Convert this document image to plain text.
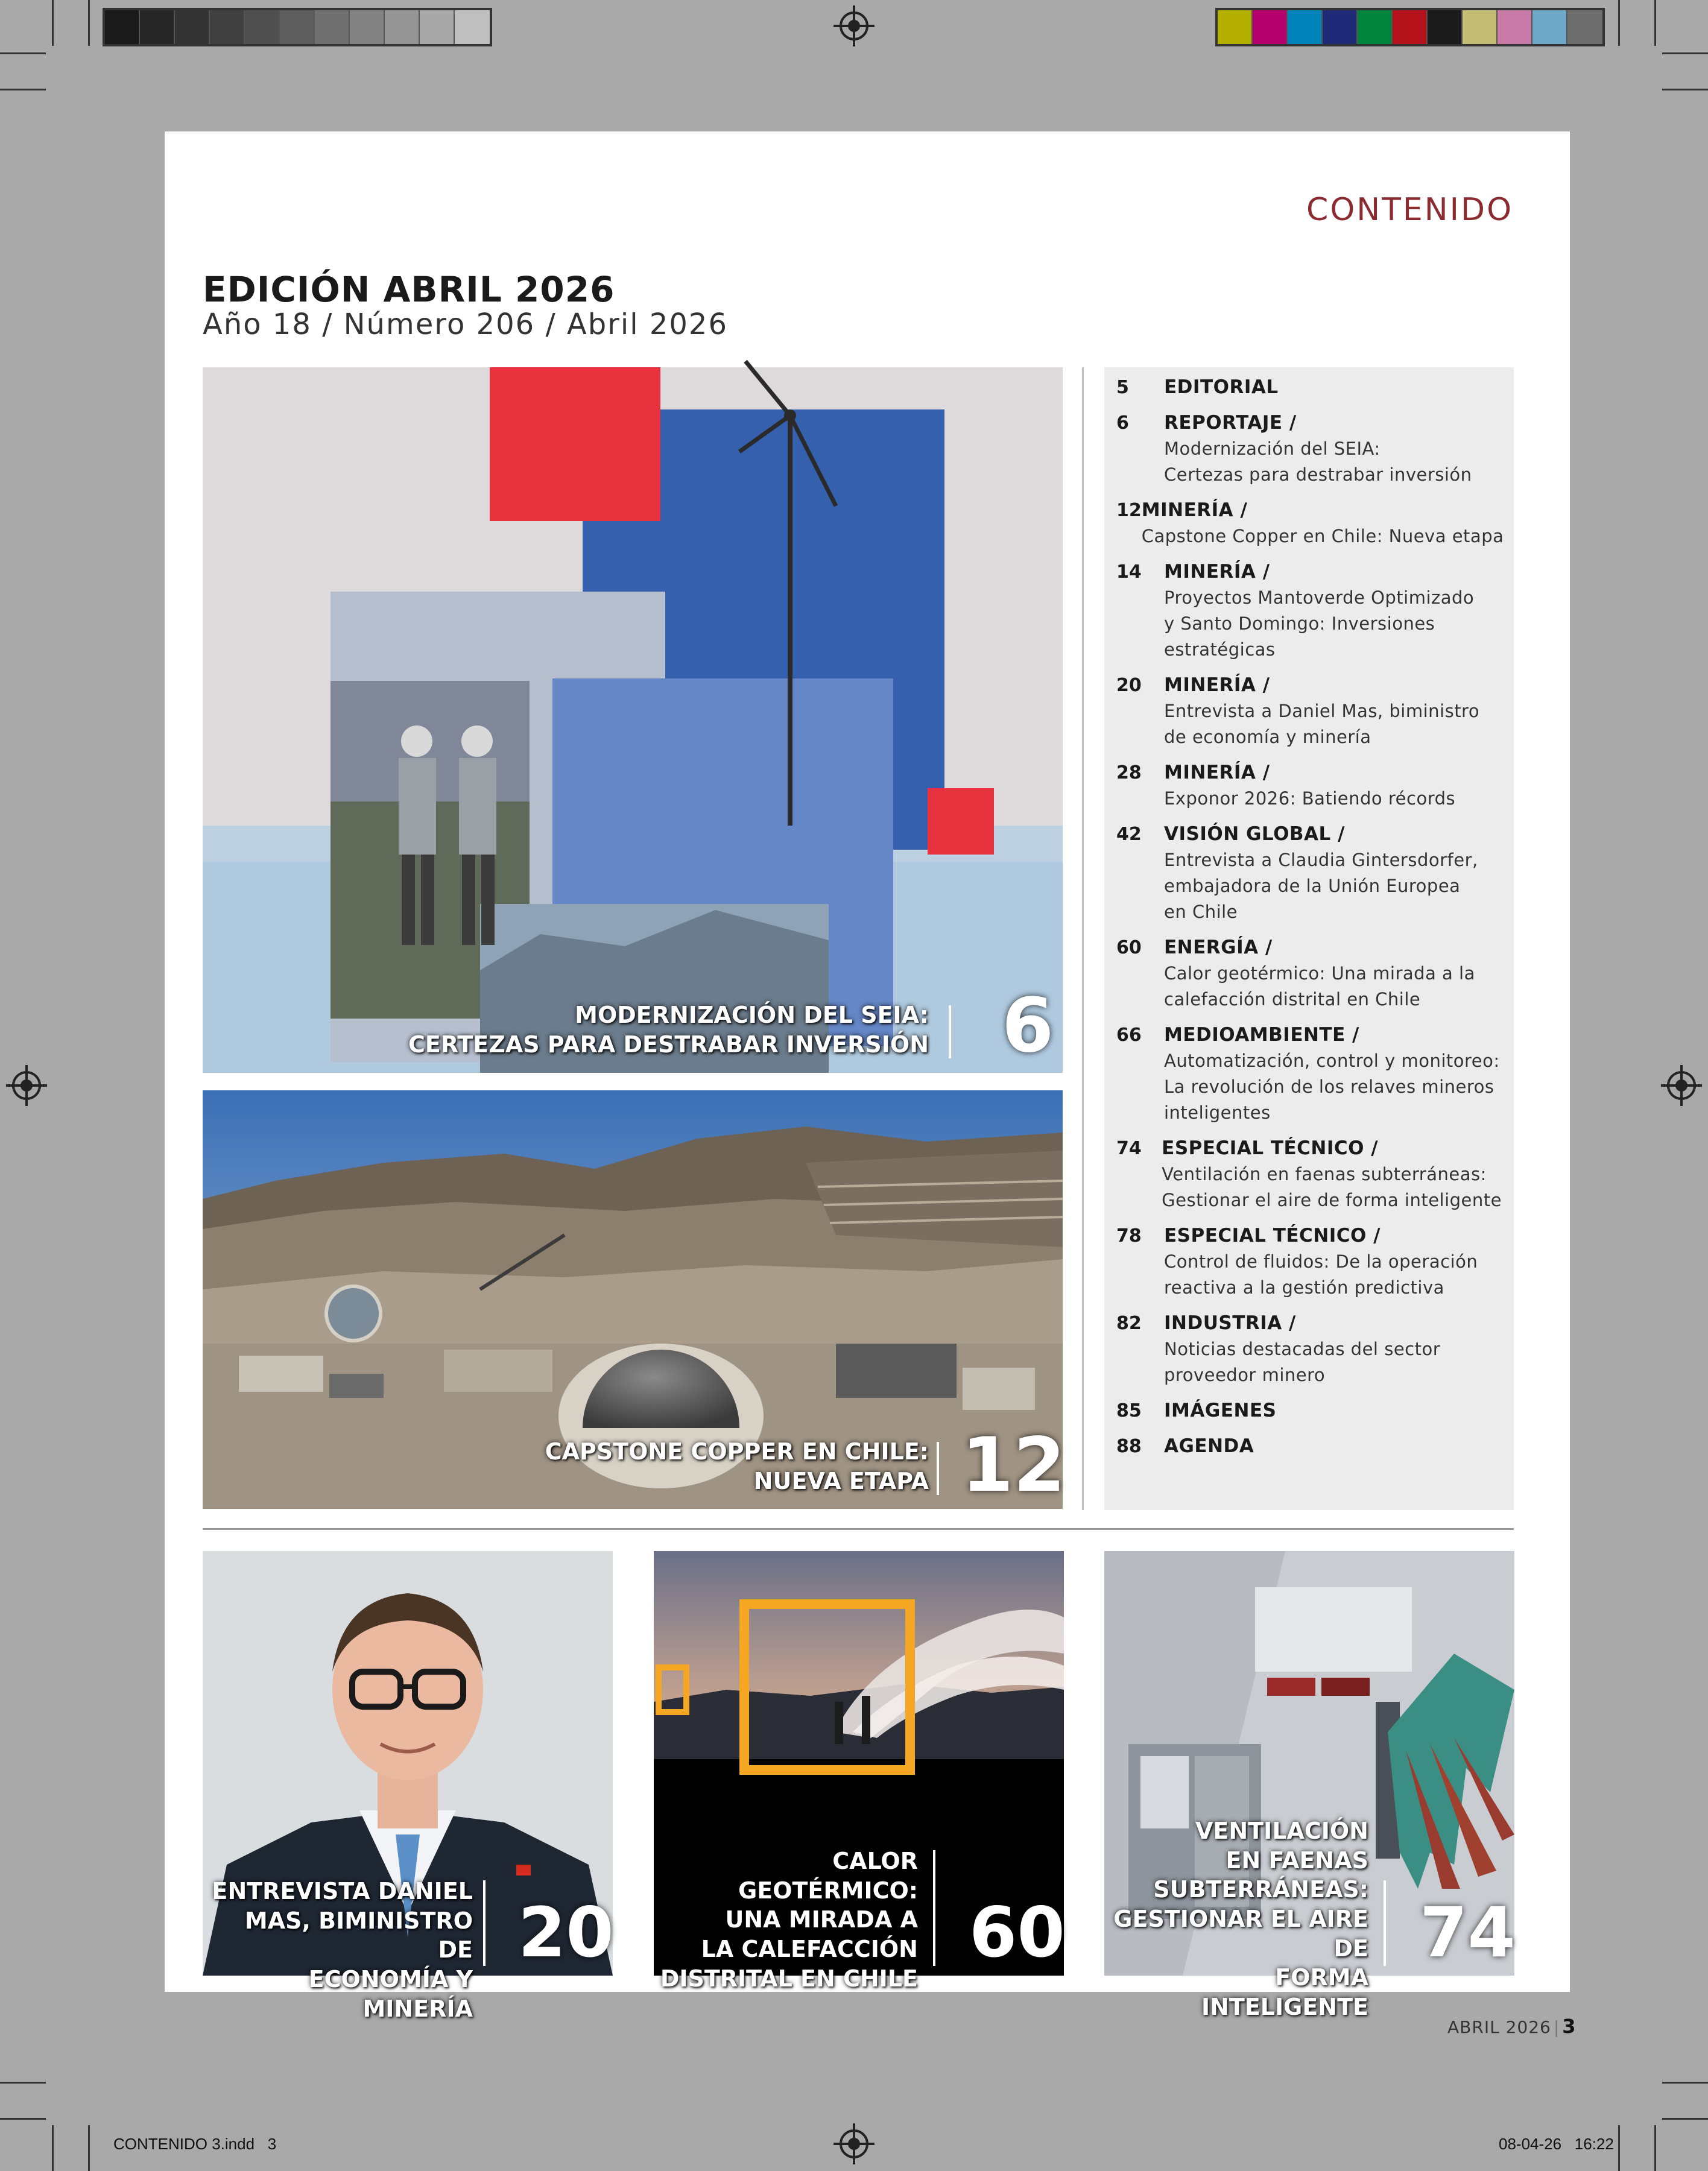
CONTENIDO
EDICIÓN ABRIL 2026
Año 18 / Número 206 / Abril 2026
MODERNIZACIÓN DEL SEIA:
CERTEZAS PARA DESTRABAR INVERSIÓN 6
CAPSTONE COPPER EN CHILE:
NUEVA ETAPA 12
5	EDITORIAL
6	REPORTAJE /
Modernización del SEIA:
Certezas para destrabar inversión
12 MINERÍA /
Capstone Copper en Chile: Nueva etapa
14	MINERÍA /
Proyectos Mantoverde Optimizado
y Santo Domingo: Inversiones
estratégicas
20	MINERÍA /
Entrevista a Daniel Mas, biministro
de economía y minería
28	MINERÍA /
Exponor 2026: Batiendo récords
42	VISIÓN GLOBAL /
Entrevista a Claudia Gintersdorfer,
embajadora de la Unión Europea
en Chile
60	ENERGÍA /
Calor geotérmico: Una mirada a la
calefacción distrital en Chile
66	MEDIOAMBIENTE /
Automatización, control y monitoreo:
La revolución de los relaves mineros
inteligentes
74	ESPECIAL TÉCNICO /
Ventilación en faenas subterráneas:
Gestionar el aire de forma inteligente
78	ESPECIAL TÉCNICO /
Control de fluidos: De la operación
reactiva a la gestión predictiva
82	INDUSTRIA /
Noticias destacadas del sector
proveedor minero
85	IMÁGENES
88	AGENDA
ENTREVISTA DANIEL
MAS, BIMINISTRO DE
ECONOMÍA Y MINERÍA
20
CALOR GEOTÉRMICO:
UNA MIRADA A
LA CALEFACCIÓN
DISTRITAL EN CHILE
60
VENTILACIÓN
EN FAENAS
SUBTERRÁNEAS:
GESTIONAR EL AIRE DE
FORMA INTELIGENTE
74
ABRIL 2026 | 3
CONTENIDO 3.indd   3	08-04-26   16:22
